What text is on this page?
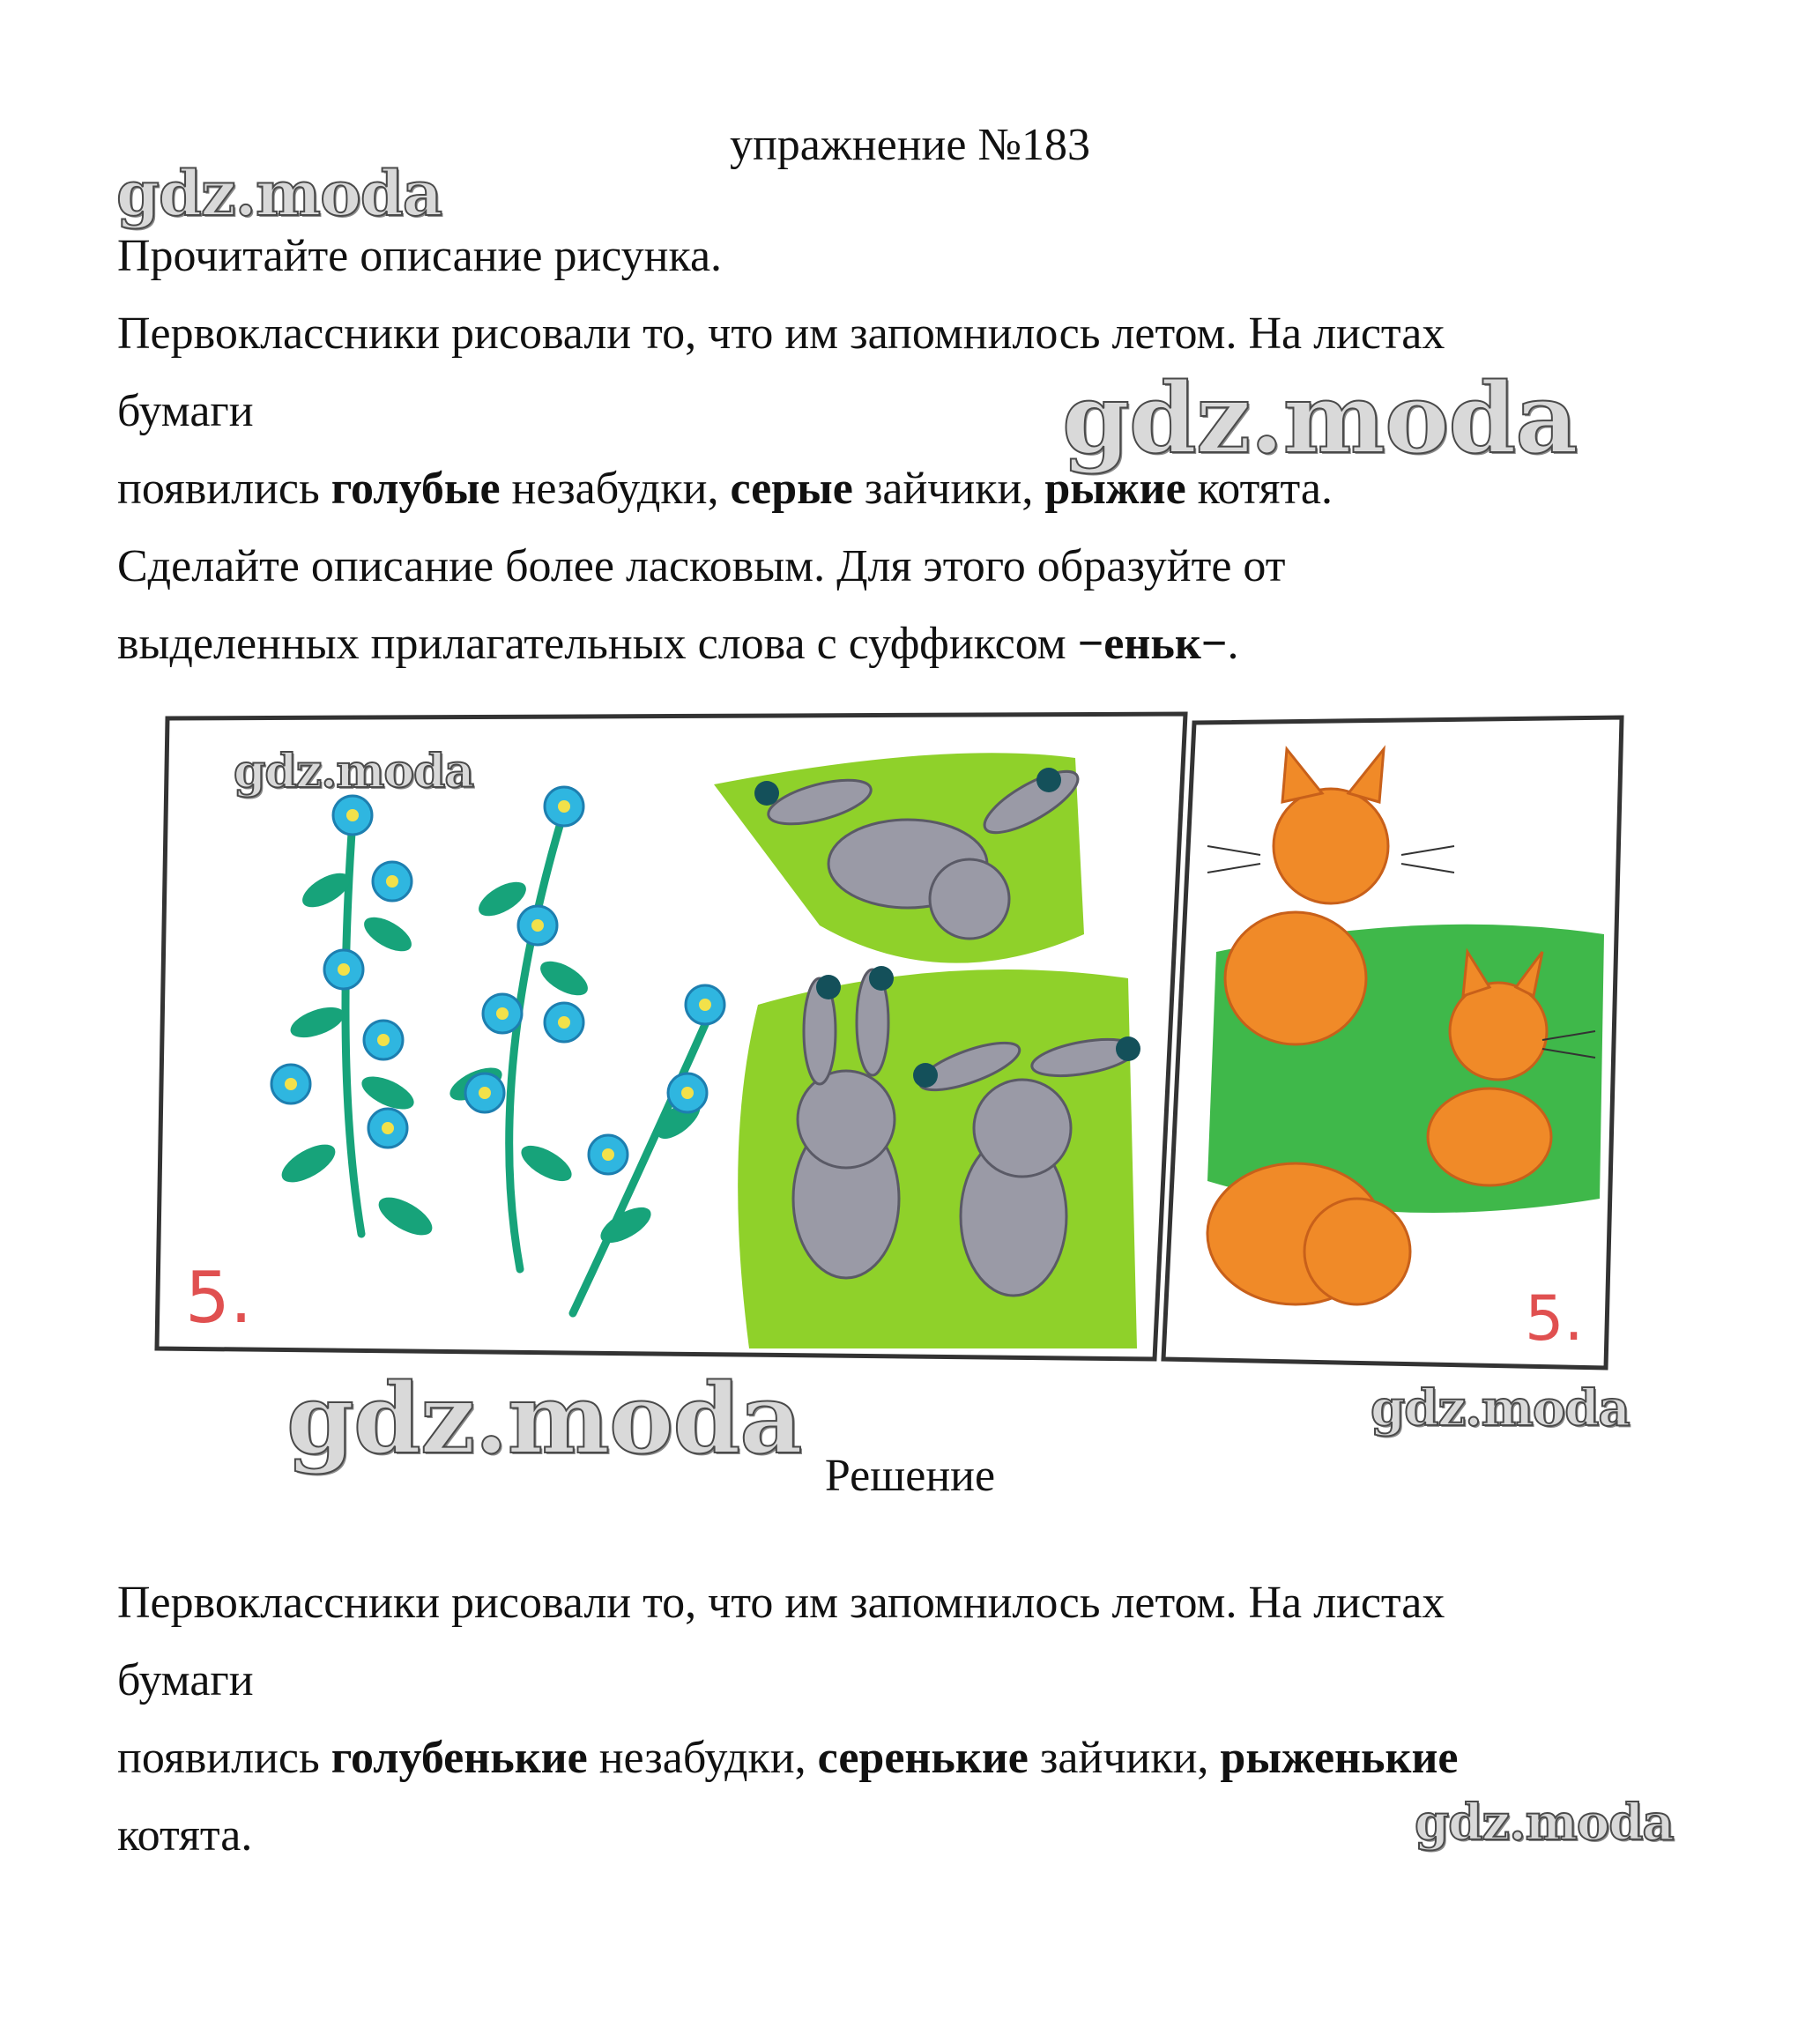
упражнение №183

gdz.moda

Прочитайте описание рисунка.

Первоклассники рисовали то, что им запомнилось летом. На листах

бумаги	gdz.moda

появились голубые незабудки, серые зайчики, рыжие котята.

Сделайте описание более ласковым. Для этого образуйте от

выделенных прилагательных слова с суффиксом −еньк−.

5.	5.
gdz.moda
gdz.moda	gdz.moda

Решение

Первоклассники рисовали то, что им запомнилось летом. На листах

бумаги

появились голубенькие незабудки, серенькие зайчики, рыженькие

котята.	gdz.moda
